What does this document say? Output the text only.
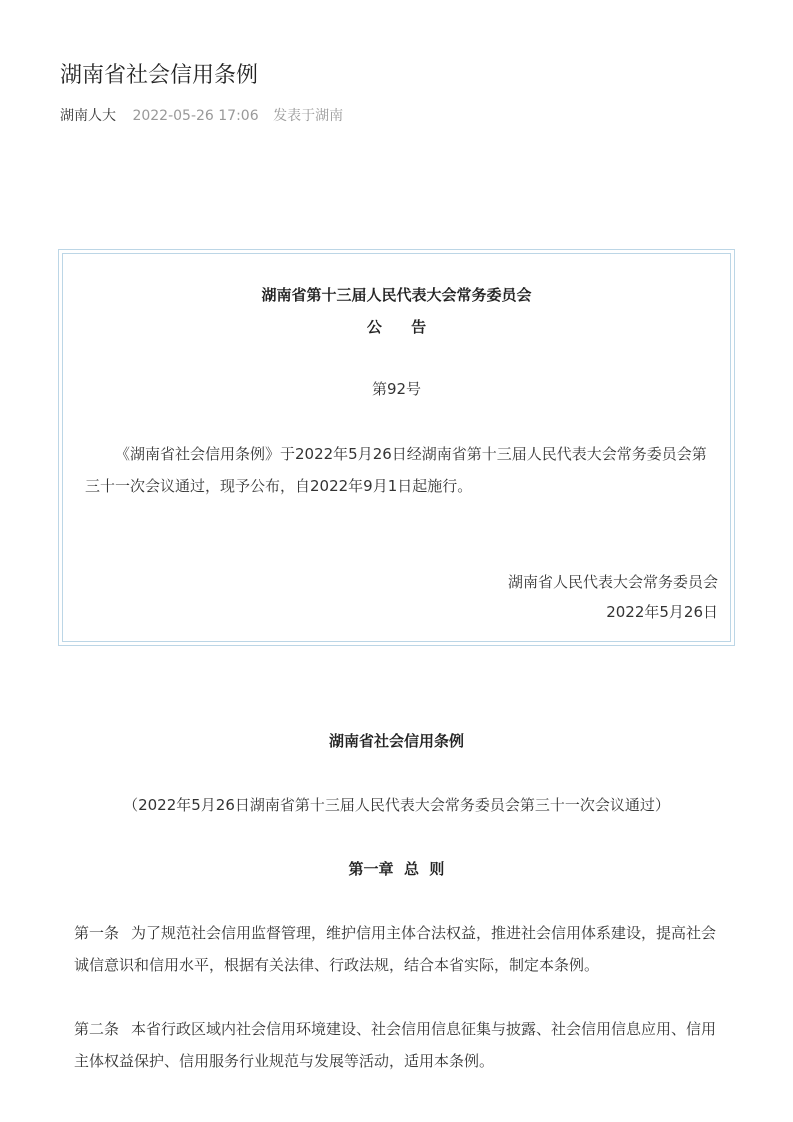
湖南省社会信用条例
湖南人大 2022-05-26 17:06 发表于湖南
湖南省第十三届人民代表大会常务委员会
公 告
第92号

《湖南省社会信用条例》于2022年5月26日经湖南省第十三届人民代表大会常务委员会第三十一次会议通过，现予公布，自2022年9月1日起施行。

湖南省人民代表大会常务委员会
2022年5月26日
湖南省社会信用条例
（2022年5月26日湖南省第十三届人民代表大会常务委员会第三十一次会议通过）
第一章  总  则

第一条 为了规范社会信用监督管理，维护信用主体合法权益，推进社会信用体系建设，提高社会诚信意识和信用水平，根据有关法律、行政法规，结合本省实际，制定本条例。

第二条 本省行政区域内社会信用环境建设、社会信用信息征集与披露、社会信用信息应用、信用主体权益保护、信用服务行业规范与发展等活动，适用本条例。
